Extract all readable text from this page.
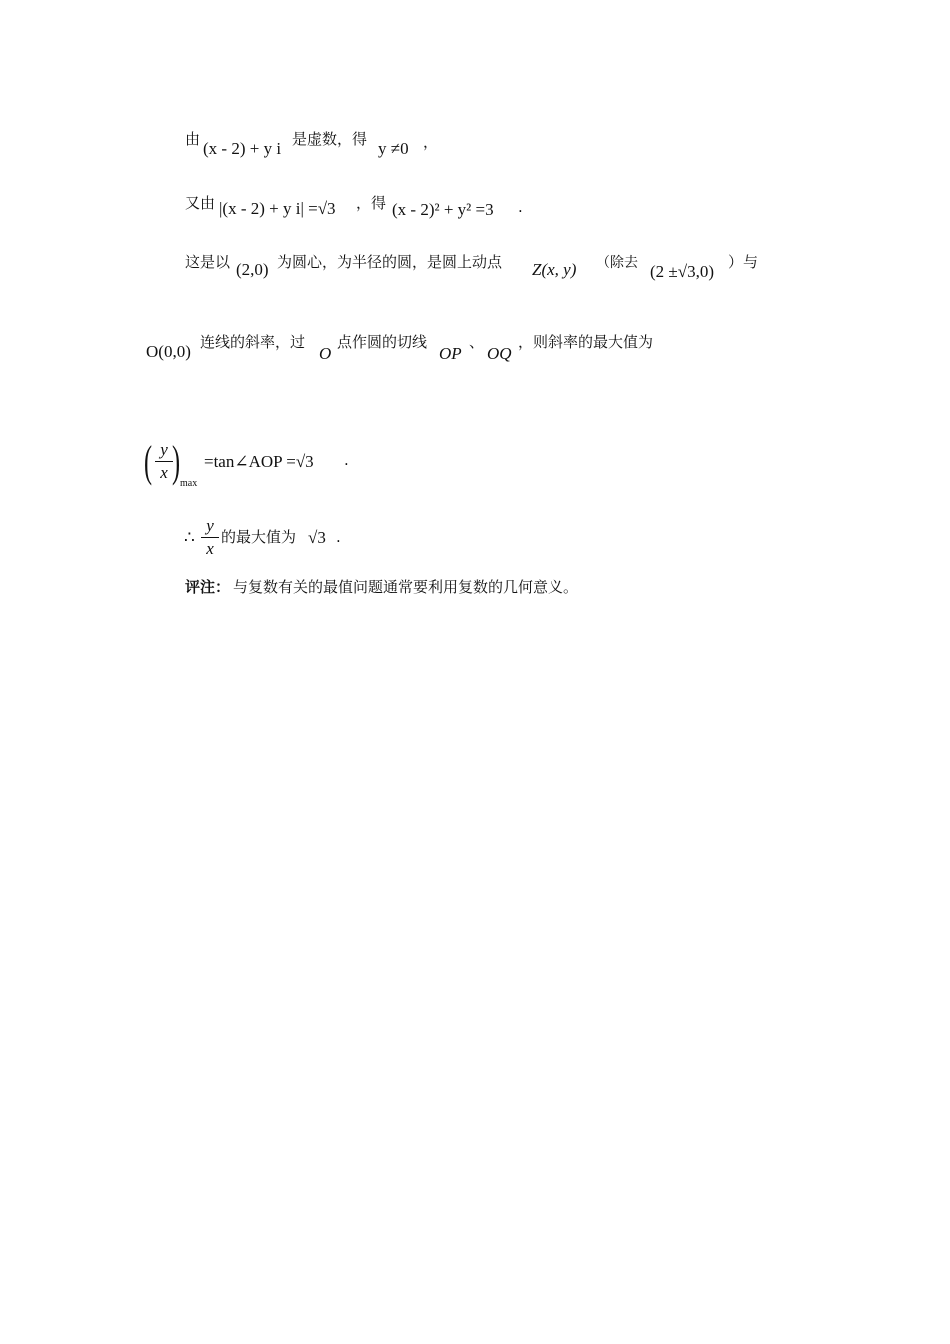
由 (x - 2) + y i 是虚数，得 y ≠0 ，
又由 |(x - 2) + y i| =√3 ，得 (x - 2)² + y² =3 .
这是以 (2,0) 为圆心，为半径的圆，是圆上动点 Z(x, y) （除去 (2 ±√3,0) ）与
O(0,0) 连线的斜率，过
O
点作圆的切线
OP
、
OQ
，则斜率的最大值为
( y
x ) max
=tan∠AOP =√3 .
∴
y
x
的最大值为 √3 .
评注： 与复数有关的最值问题通常要利用复数的几何意义。
